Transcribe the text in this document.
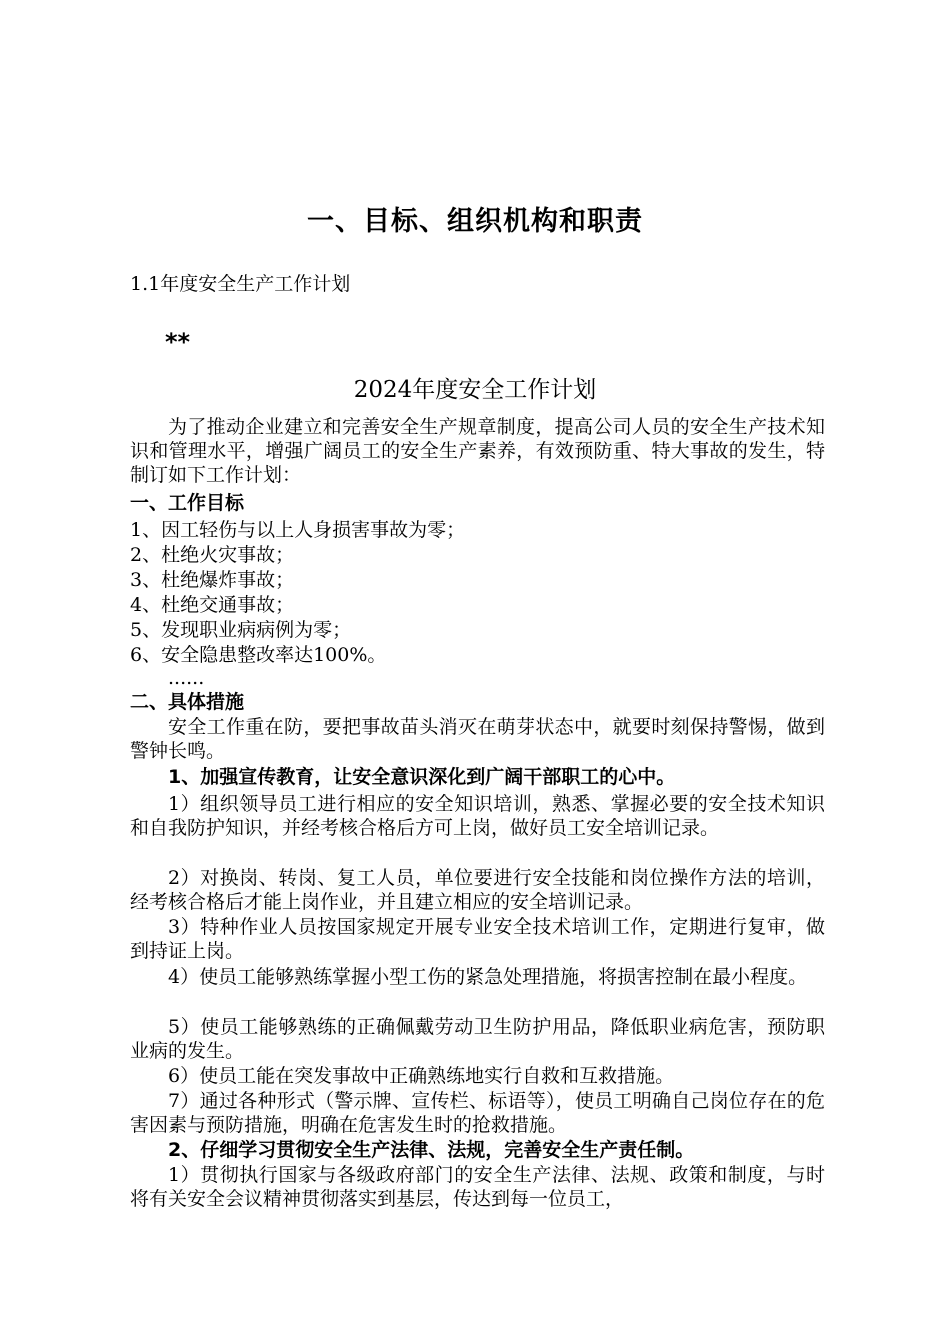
一、目标、组织机构和职责
1.1年度安全生产工作计划
**
2024年度安全工作计划

为了推动企业建立和完善安全生产规章制度，提高公司人员的安全生产技术知识和管理水平，增强广阔员工的安全生产素养，有效预防重、特大事故的发生，特制订如下工作计划：

一、工作目标
1、因工轻伤与以上人身损害事故为零；
2、杜绝火灾事故；
3、杜绝爆炸事故；
4、杜绝交通事故；
5、发现职业病病例为零；
6、安全隐患整改率达100%。
......
二、具体措施

安全工作重在防，要把事故苗头消灭在萌芽状态中，就要时刻保持警惕，做到警钟长鸣。

1、加强宣传教育，让安全意识深化到广阔干部职工的心中。

1）组织领导员工进行相应的安全知识培训，熟悉、掌握必要的安全技术知识和自我防护知识，并经考核合格后方可上岗，做好员工安全培训记录。

2）对换岗、转岗、复工人员，单位要进行安全技能和岗位操作方法的培训，经考核合格后才能上岗作业，并且建立相应的安全培训记录。

3）特种作业人员按国家规定开展专业安全技术培训工作，定期进行复审，做到持证上岗。

4）使员工能够熟练掌握小型工伤的紧急处理措施，将损害控制在最小程度。

5）使员工能够熟练的正确佩戴劳动卫生防护用品，降低职业病危害，预防职业病的发生。

6）使员工能在突发事故中正确熟练地实行自救和互救措施。

7）通过各种形式（警示牌、宣传栏、标语等），使员工明确自己岗位存在的危害因素与预防措施，明确在危害发生时的抢救措施。

2、仔细学习贯彻安全生产法律、法规，完善安全生产责任制。

1）贯彻执行国家与各级政府部门的安全生产法律、法规、政策和制度，与时将有关安全会议精神贯彻落实到基层，传达到每一位员工，
